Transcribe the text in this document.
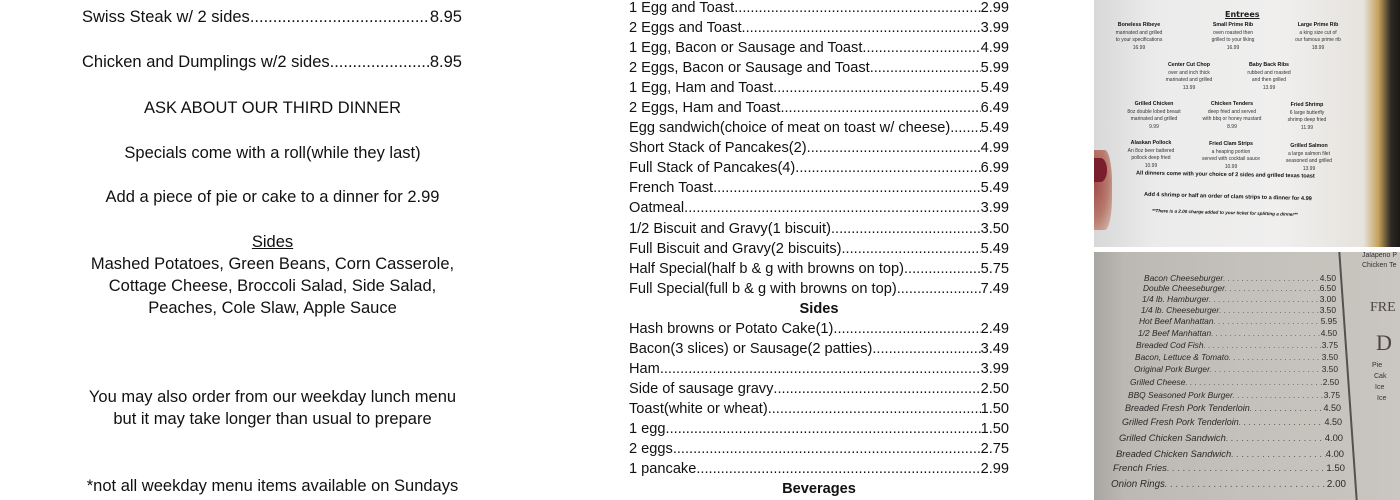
Swiss Steak w/ 2 sides .....	8.95
Chicken and Dumplings w/2 sides .....	8.95
ASK ABOUT OUR THIRD DINNER
Specials come with a roll(while they last)
Add a piece of pie or cake to a dinner for 2.99
Sides
Mashed Potatoes, Green Beans, Corn Casserole,
Cottage Cheese, Broccoli Salad, Side Salad,
Peaches, Cole Slaw, Apple Sauce
You may also order from our weekday lunch menu
but it may take longer than usual to prepare
*not all weekday menu items available on Sundays
1 Egg and Toast .....	2.99
2 Eggs and Toast .....	3.99
1 Egg, Bacon or Sausage and Toast .....	4.99
2 Eggs, Bacon or Sausage and Toast .....	5.99
1 Egg, Ham and Toast .....	5.49
2 Eggs, Ham and Toast .....	6.49
Egg sandwich(choice of meat on toast w/ cheese) ..... 5.49
Short Stack of Pancakes(2) .....	4.99
Full Stack of Pancakes(4) .....	6.99
French Toast .....	5.49
Oatmeal .....	3.99
1/2 Biscuit and Gravy(1 biscuit) .....	3.50
Full Biscuit and Gravy(2 biscuits) .....	5.49
Half Special(half b & g with browns on top) .....	5.75
Full Special(full b & g with browns on top) .....	7.49
Sides
Hash browns or Potato Cake(1) .....	2.49
Bacon(3 slices) or Sausage(2 patties) .....	3.49
Ham .....	3.99
Side of sausage gravy .....	2.50
Toast(white or wheat) .....	1.50
1 egg .....	1.50
2 eggs .....	2.75
1 pancake .....	2.99
Beverages
Entrees
Boneless Ribeye
marinated and grilled
to your specifications
16.99
Small Prime Rib
oven roasted then
grilled to your liking
16.99
Large Prime Rib
a king size cut of
our famous prime rib
18.99
Center Cut Chop
over and inch thick
marinated and grilled
13.99
Baby Back Ribs
rubbed and roasted
and then grilled
13.99
Grilled Chicken
8oz double lobed breast
marinated and grilled
9.99
Chicken Tenders
deep fried and served
with bbq or honey mustard
8.99
Fried Shrimp
6 large butterfly
shrimp deep fried
11.99
Alaskan Pollock
An 8oz beer battered
pollock deep fried
10.99
Fried Clam Strips
a heaping portion
served with cocktail sauce
10.99
Grilled Salmon
a large salmon filet
seasoned and grilled
13.99
All dinners come with your choice of 2 sides and grilled texas toast
Add 4 shrimp or half an order of clam strips to a dinner for 4.99
**There is a 2.00 charge added to your ticket for splitting a dinner**
Bacon Cheeseburger . . .	4.50
Double Cheeseburger . . .	6.50
1/4 lb. Hamburger . . .	3.00
1/4 lb. Cheeseburger . . .	3.50
Hot Beef Manhattan . . .	5.95
1/2 Beef Manhattan . . .	4.50
Breaded Cod Fish . . .	3.75
Bacon, Lettuce & Tomato . . .	3.50
Original Pork Burger . . .	3.50
Grilled Cheese . . .	2.50
BBQ Seasoned Pork Burger . . .	3.75
Breaded Fresh Pork Tenderloin . . .	4.50
Grilled Fresh Pork Tenderloin . . .	4.50
Grilled Chicken Sandwich . . .	4.00
Breaded Chicken Sandwich . . .	4.00
French Fries . . .	1.50
Onion Rings . . .	2.00
Jalapeno P
Chicken Te
FRE
D
Pie
Cak
Ice
Ice
